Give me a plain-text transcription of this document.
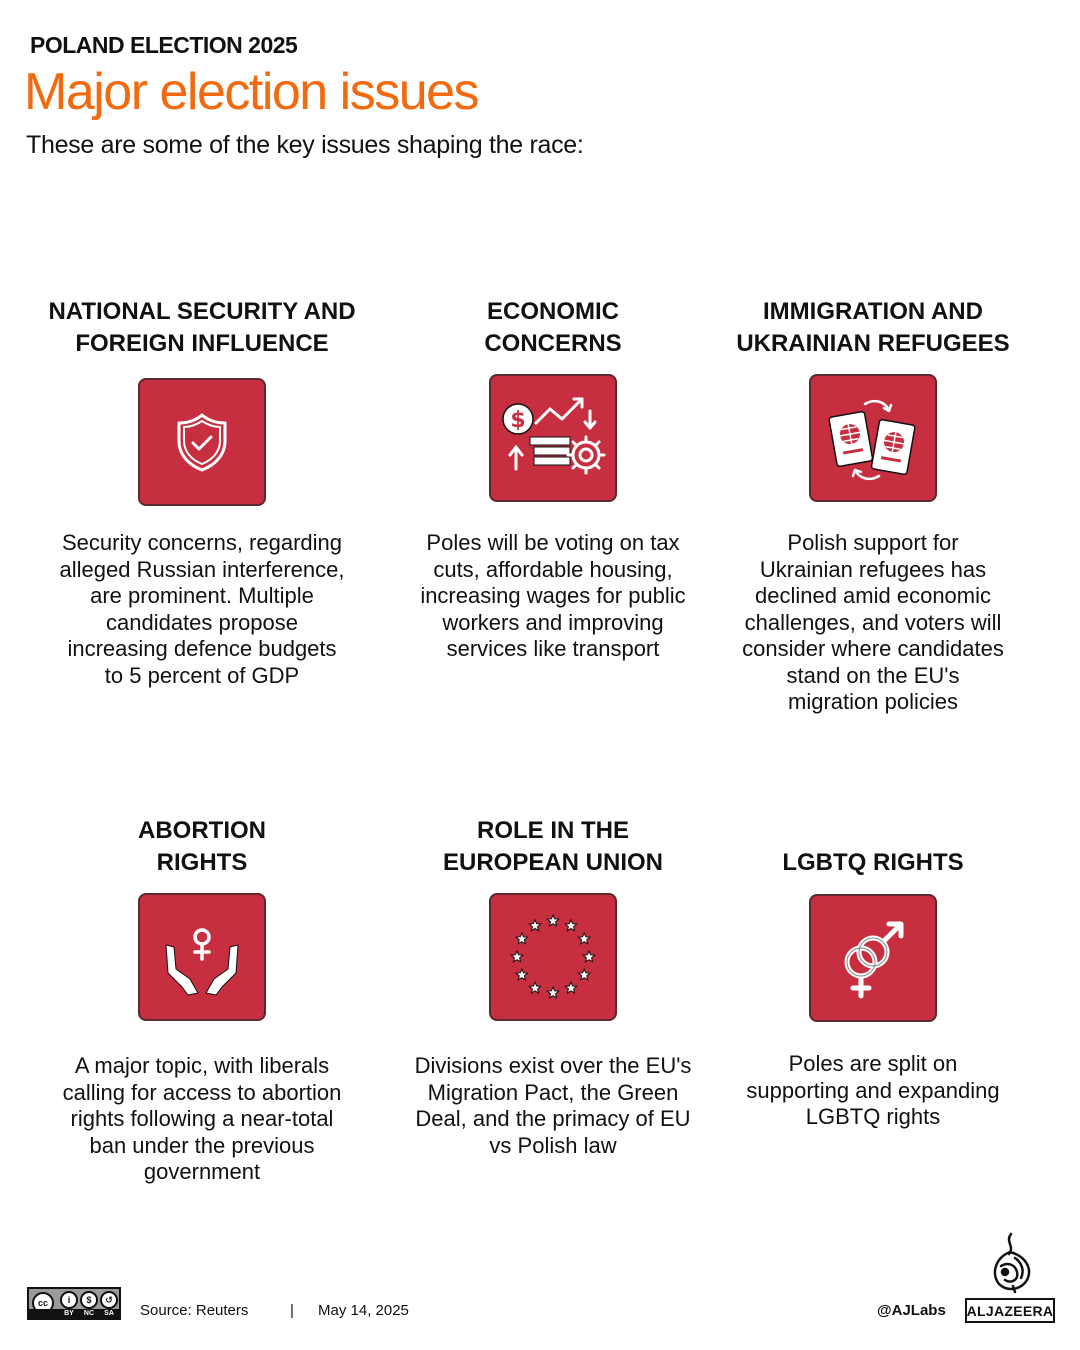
POLAND ELECTION 2025
Major election issues
These are some of the key issues shaping the race:
NATIONAL SECURITY AND
FOREIGN INFLUENCE
Security concerns, regarding
alleged Russian interference,
are prominent. Multiple
candidates propose
increasing defence budgets
to 5 percent of GDP
ECONOMIC
CONCERNS
$
Poles will be voting on tax
cuts, affordable housing,
increasing wages for public
workers and improving
services like transport
IMMIGRATION AND
UKRAINIAN REFUGEES
Polish support for
Ukrainian refugees has
declined amid economic
challenges, and voters will
consider where candidates
stand on the EU's
migration policies
ABORTION
RIGHTS
A major topic, with liberals
calling for access to abortion
rights following a near-total
ban under the previous
government
ROLE IN THE
EUROPEAN UNION
Divisions exist over the EU's
Migration Pact, the Green
Deal, and the primacy of EU
vs Polish law
LGBTQ RIGHTS
Poles are split on
supporting and expanding
LGBTQ rights
cc	i	$	↺
BY NC SA Source: Reuters	| May 14, 2025	@AJLabs ALJAZEERA
